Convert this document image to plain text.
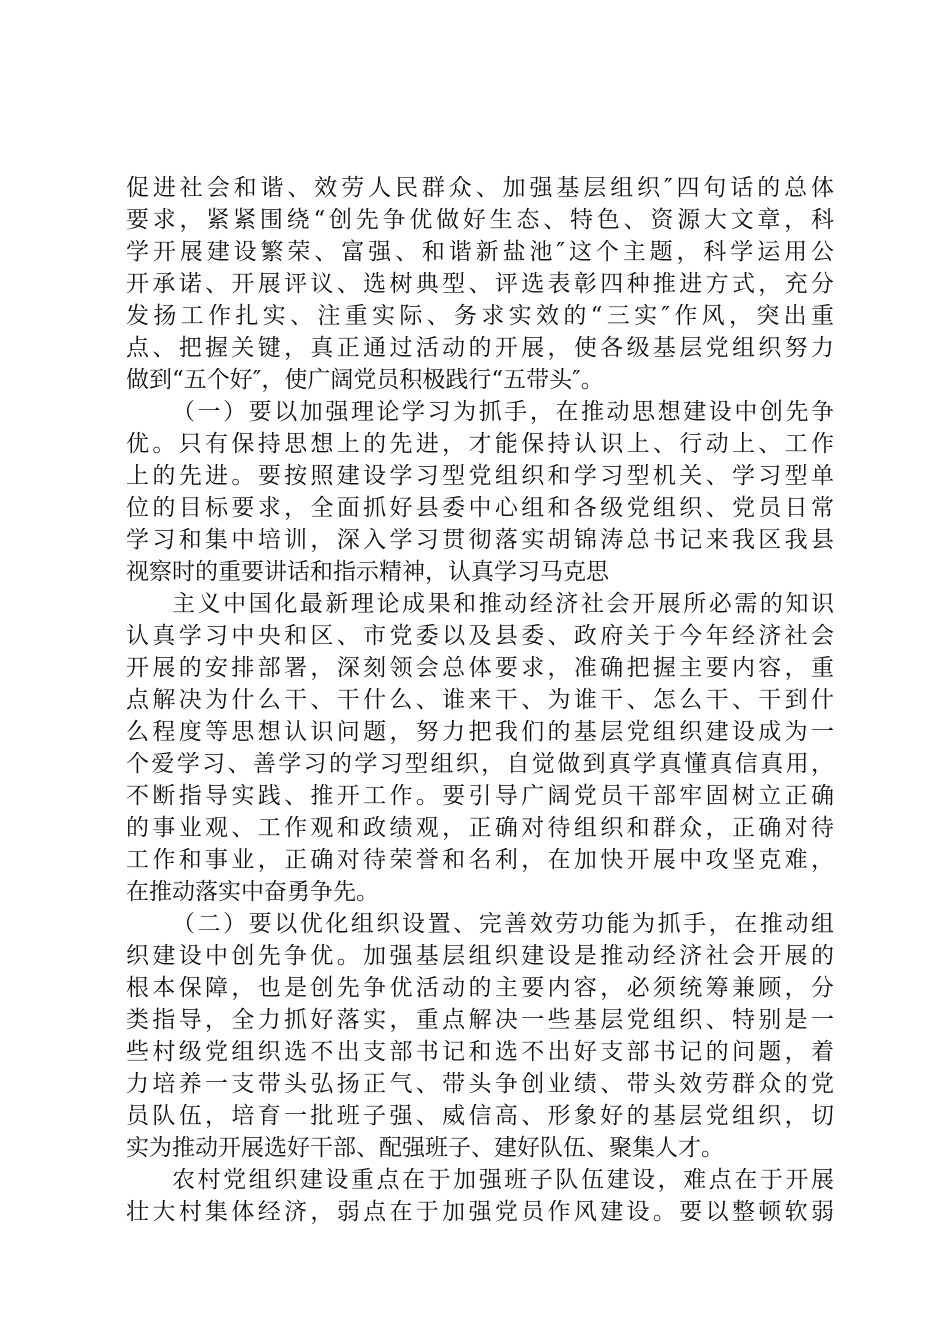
促进社会和谐、效劳人民群众、加强基层组织″四句话的总体
要求，紧紧围绕“创先争优做好生态、特色、资源大文章，科
学开展建设繁荣、富强、和谐新盐池″这个主题，科学运用公
开承诺、开展评议、选树典型、评选表彰四种推进方式，充分
发扬工作扎实、注重实际、务求实效的“三实″作风，突出重
点、把握关键，真正通过活动的开展，使各级基层党组织努力
做到“五个好″，使广阔党员积极践行“五带头″。
（一）要以加强理论学习为抓手，在推动思想建设中创先争
优。只有保持思想上的先进，才能保持认识上、行动上、工作
上的先进。要按照建设学习型党组织和学习型机关、学习型单
位的目标要求，全面抓好县委中心组和各级党组织、党员日常
学习和集中培训，深入学习贯彻落实胡锦涛总书记来我区我县
视察时的重要讲话和指示精神，认真学习马克思
主义中国化最新理论成果和推动经济社会开展所必需的知识
认真学习中央和区、市党委以及县委、政府关于今年经济社会
开展的安排部署，深刻领会总体要求，准确把握主要内容，重
点解决为什么干、干什么、谁来干、为谁干、怎么干、干到什
么程度等思想认识问题，努力把我们的基层党组织建设成为一
个爱学习、善学习的学习型组织，自觉做到真学真懂真信真用，
不断指导实践、推开工作。要引导广阔党员干部牢固树立正确
的事业观、工作观和政绩观，正确对待组织和群众，正确对待
工作和事业，正确对待荣誉和名利，在加快开展中攻坚克难，
在推动落实中奋勇争先。
（二）要以优化组织设置、完善效劳功能为抓手，在推动组
织建设中创先争优。加强基层组织建设是推动经济社会开展的
根本保障，也是创先争优活动的主要内容，必须统筹兼顾，分
类指导，全力抓好落实，重点解决一些基层党组织、特别是一
些村级党组织选不出支部书记和选不出好支部书记的问题，着
力培养一支带头弘扬正气、带头争创业绩、带头效劳群众的党
员队伍，培育一批班子强、威信高、形象好的基层党组织，切
实为推动开展选好干部、配强班子、建好队伍、聚集人才。
农村党组织建设重点在于加强班子队伍建设，难点在于开展
壮大村集体经济，弱点在于加强党员作风建设。要以整顿软弱
